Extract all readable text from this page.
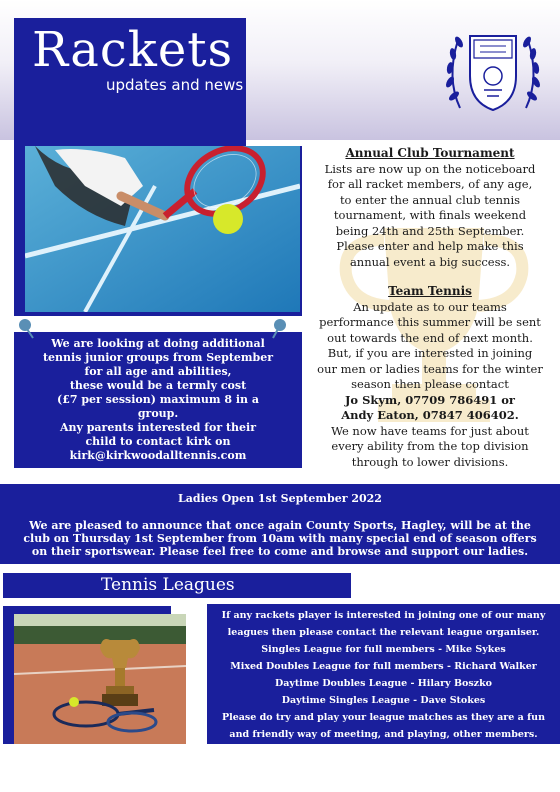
Rackets
updates and news
Annual Club Tournament
Lists are now up on the noticeboard
for all racket members, of any age,
to enter the annual club tennis
tournament, with finals weekend
being 24th and 25th September.
Please enter and help make this
annual event a big success.
Team Tennis
An update as to our teams
performance this summer will be sent
out towards the end of next month.
But, if you are interested in joining
our men or ladies teams for the winter
season then please contact
Jo Skym, 07709 786491 or
Andy Eaton, 07847 406402.
We now have teams for just about
every ability from the top division
through to lower divisions.
We are looking at doing additional
tennis junior groups from September
for all age and abilities,
these would be a termly cost
(£7 per session) maximum 8 in a
group.
Any parents interested for their
child to contact kirk on
kirk@kirkwoodalltennis.com
Ladies Open 1st September 2022
We are pleased to announce that once again County Sports, Hagley, will be at the club on Thursday 1st September from 10am with many special end of season offers on their sportswear. Please feel free to come and browse and support our ladies.
Tennis Leagues
If any rackets player is interested in joining one of our many
leagues then please contact the relevant league organiser.
Singles League for full members - Mike Sykes
Mixed Doubles League for full members - Richard Walker
Daytime Doubles League - Hilary Boszko
Daytime Singles League - Dave Stokes
Please do try and play your league matches as they are a fun
and friendly way of meeting, and playing, other members.
